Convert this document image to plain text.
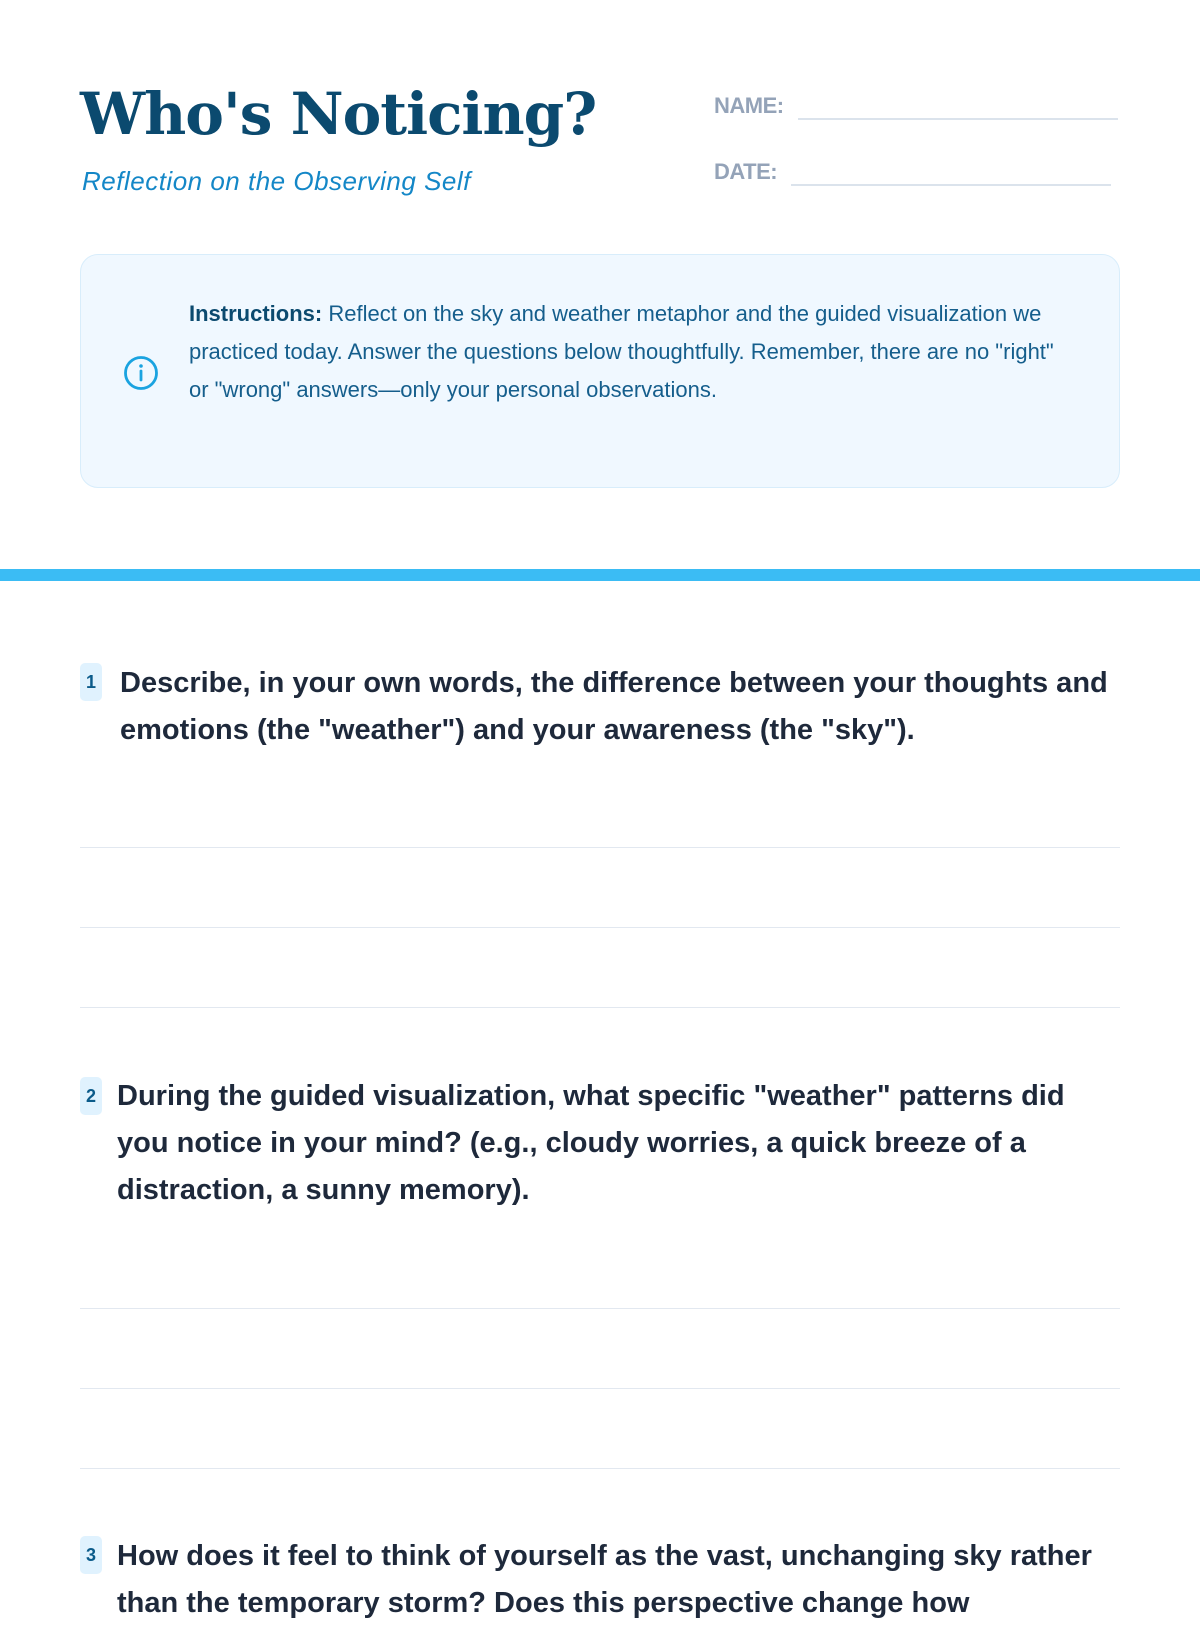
Who's Noticing?
Reflection on the Observing Self
NAME:
DATE:
Instructions: Reflect on the sky and weather metaphor and the guided visualization we practiced today. Answer the questions below thoughtfully. Remember, there are no "right" or "wrong" answers—only your personal observations.
1 Describe, in your own words, the difference between your thoughts and emotions (the "weather") and your awareness (the "sky").

2 During the guided visualization, what specific "weather" patterns did you notice in your mind? (e.g., cloudy worries, a quick breeze of a distraction, a sunny memory).

3 How does it feel to think of yourself as the vast, unchanging sky rather than the temporary storm? Does this perspective change how
